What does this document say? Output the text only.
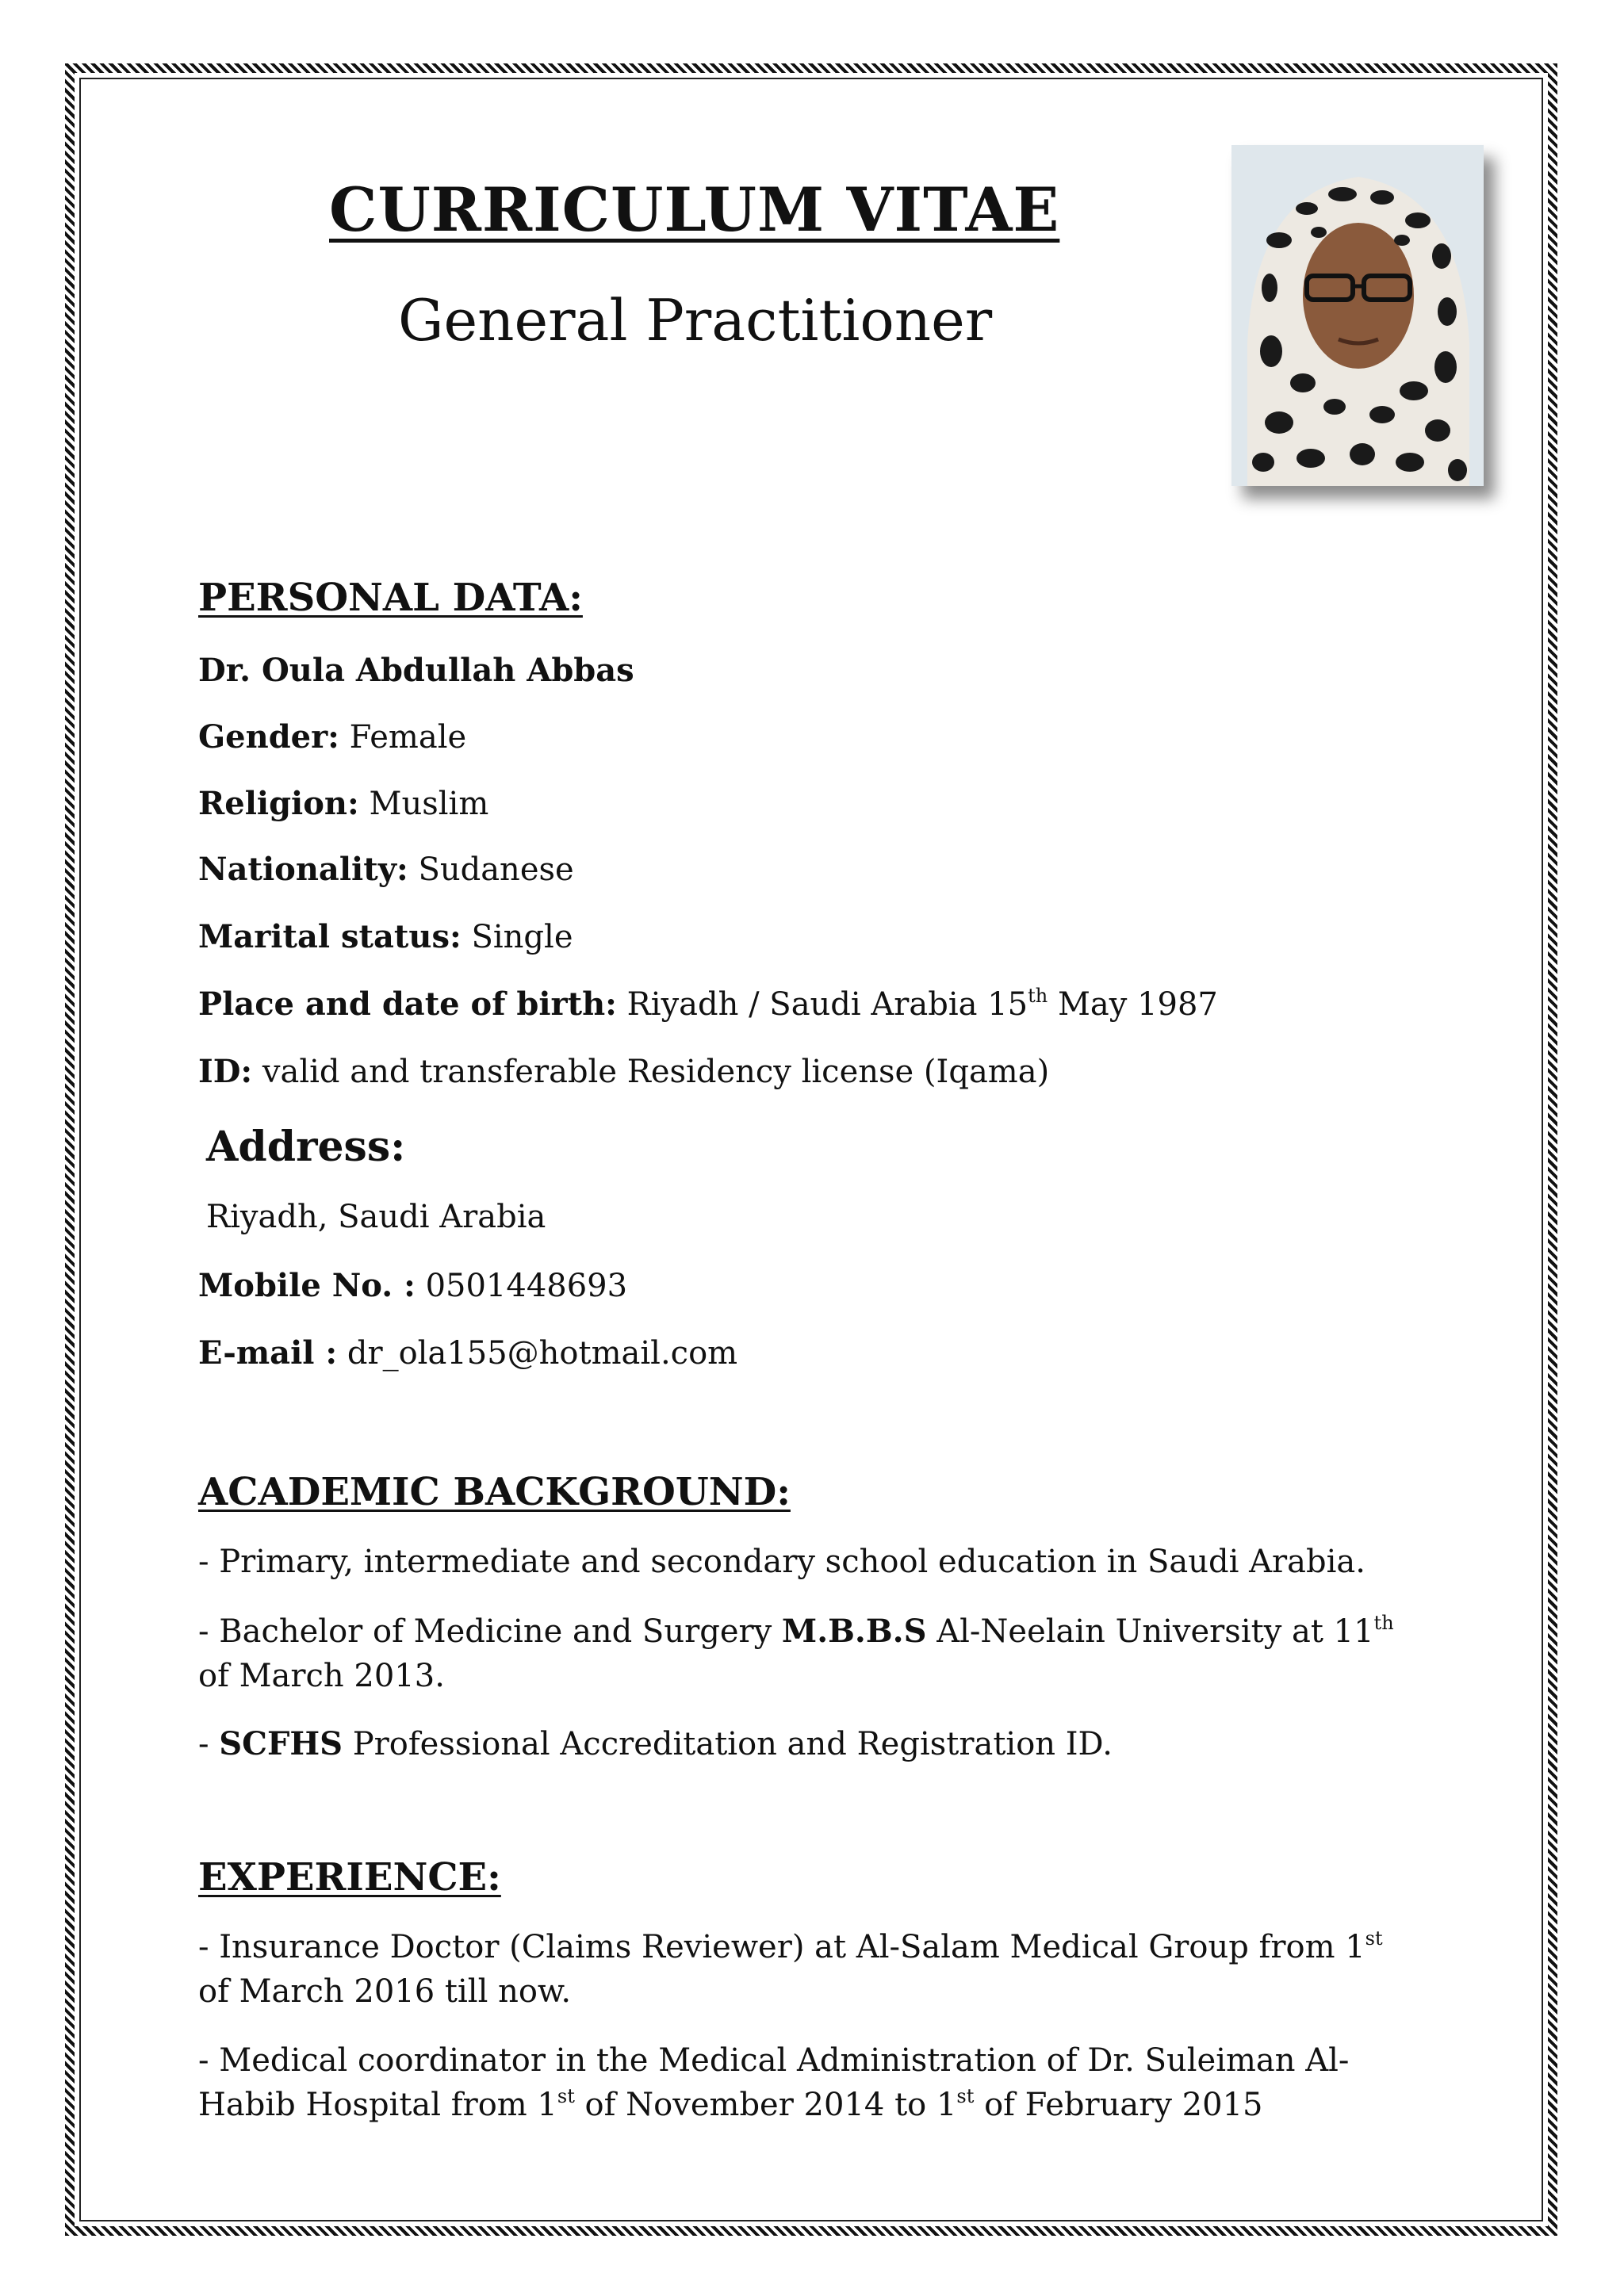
CURRICULUM VITAE
General Practitioner
PERSONAL DATA:
Dr. Oula Abdullah Abbas
Gender: Female
Religion: Muslim
Nationality: Sudanese
Marital status: Single
Place and date of birth: Riyadh / Saudi Arabia 15th May 1987
ID: valid and transferable Residency license (Iqama)
Address:
Riyadh, Saudi Arabia
Mobile No. : 0501448693
E-mail : dr_ola155@hotmail.com
ACADEMIC BACKGROUND:
- Primary, intermediate and secondary school education in Saudi Arabia.
- Bachelor of Medicine and Surgery M.B.B.S Al-Neelain University at 11th of March 2013.
- SCFHS Professional Accreditation and Registration ID.
EXPERIENCE:
- Insurance Doctor (Claims Reviewer) at Al-Salam Medical Group from 1st of March 2016 till now.
- Medical coordinator in the Medical Administration of Dr. Suleiman Al-Habib Hospital from 1st of November 2014 to 1st of February 2015
